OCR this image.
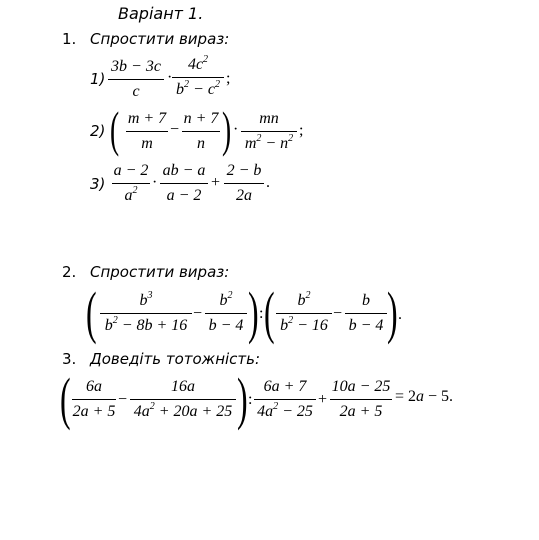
Варіант 1.
1. Спростити вираз:
1)
3b − 3c
c
·
$4c^2$
$b^2 - c^2$ ;
2) ( m + 7
m
−
n + 7
n ) ·
mn
$m^2 - n^2$ ;
3)
a − 2
$a^2$ ·
ab − a
a − 2
+
2 − b
2a
.
2. Спростити вираз:
(	$b^3$
$b^2 - 8b + 16$
−
$b^2$
b − 4 ) : (	$b^2$
$b^2 - 16$
−
b
b − 4 ) .
3. Доведіть тотожність:
( 6a
2a + 5
−
16a
$4a^2 + 20a + 25$ ) :
6a + 7
$4a^2 - 25$
+
10a − 25
2a + 5
= 2a − 5.
